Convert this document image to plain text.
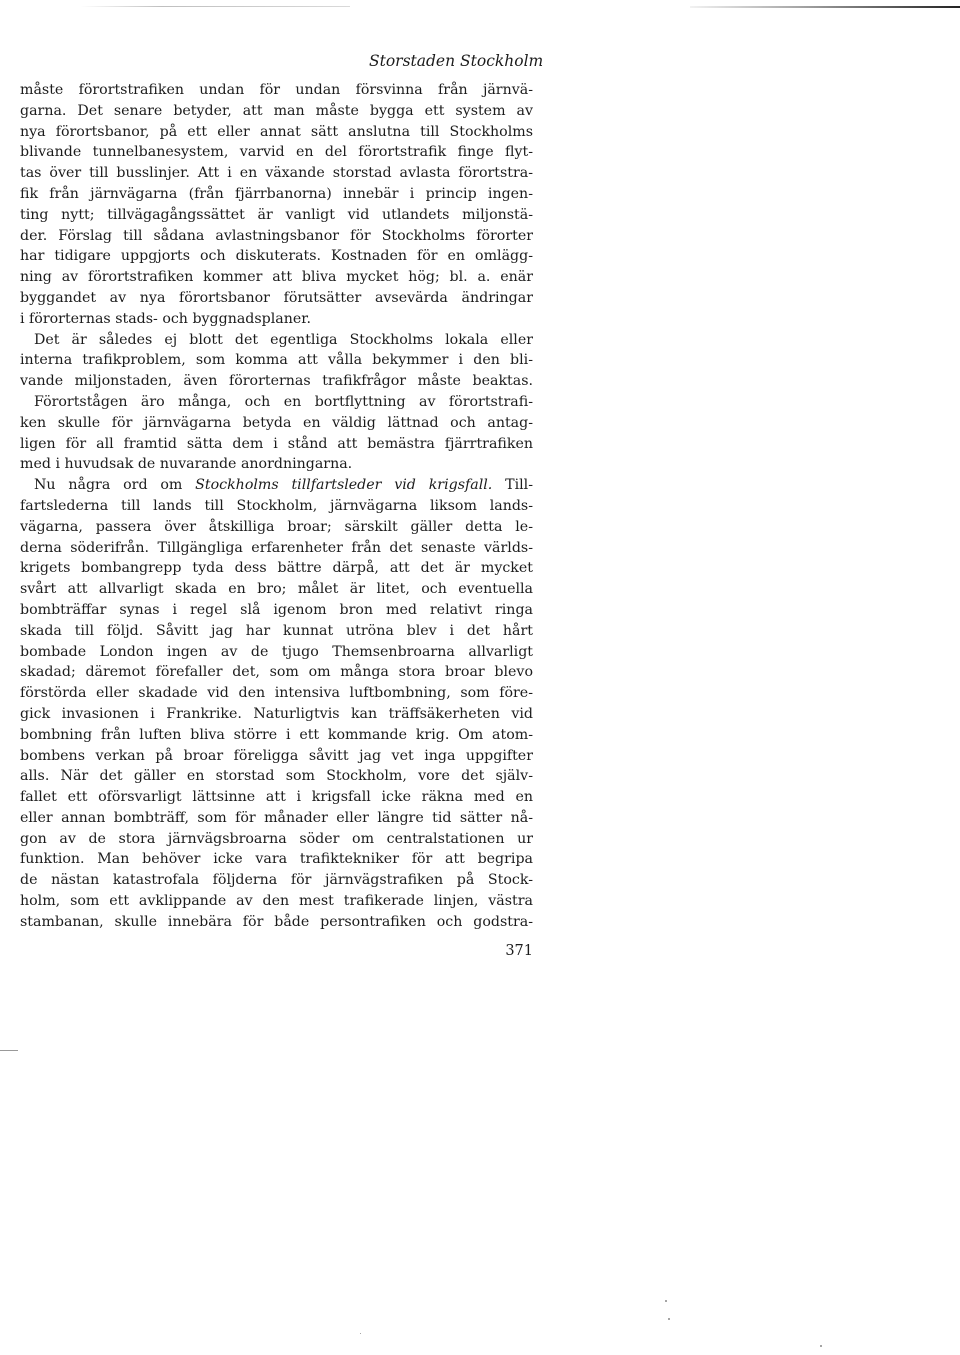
Storstaden Stockholm
måste förortstrafiken undan för undan försvinna från järnvä-
garna. Det senare betyder, att man måste bygga ett system av
nya förortsbanor, på ett eller annat sätt anslutna till Stockholms
blivande tunnelbanesystem, varvid en del förortstrafik finge flyt-
tas över till busslinjer. Att i en växande storstad avlasta förortstra-
fik från järnvägarna (från fjärrbanorna) innebär i princip ingen-
ting nytt; tillvägagångssättet är vanligt vid utlandets miljonstä-
der. Förslag till sådana avlastningsbanor för Stockholms förorter
har tidigare uppgjorts och diskuterats. Kostnaden för en omlägg-
ning av förortstrafiken kommer att bliva mycket hög; bl. a. enär
byggandet av nya förortsbanor förutsätter avsevärda ändringar
i förorternas stads- och byggnadsplaner.
Det är således ej blott det egentliga Stockholms lokala eller
interna trafikproblem, som komma att vålla bekymmer i den bli-
vande miljonstaden, även förorternas trafikfrågor måste beaktas.
Förortstågen äro många, och en bortflyttning av förortstrafi-
ken skulle för järnvägarna betyda en väldig lättnad och antag-
ligen för all framtid sätta dem i stånd att bemästra fjärrtrafiken
med i huvudsak de nuvarande anordningarna.
Nu några ord om Stockholms tillfartsleder vid krigsfall. Till-
fartslederna till lands till Stockholm, järnvägarna liksom lands-
vägarna, passera över åtskilliga broar; särskilt gäller detta le-
derna söderifrån. Tillgängliga erfarenheter från det senaste världs-
krigets bombangrepp tyda dess bättre därpå, att det är mycket
svårt att allvarligt skada en bro; målet är litet, och eventuella
bombträffar synas i regel slå igenom bron med relativt ringa
skada till följd. Såvitt jag har kunnat utröna blev i det hårt
bombade London ingen av de tjugo Themsenbroarna allvarligt
skadad; däremot förefaller det, som om många stora broar blevo
förstörda eller skadade vid den intensiva luftbombning, som före-
gick invasionen i Frankrike. Naturligtvis kan träffsäkerheten vid
bombning från luften bliva större i ett kommande krig. Om atom-
bombens verkan på broar föreligga såvitt jag vet inga uppgifter
alls. När det gäller en storstad som Stockholm, vore det själv-
fallet ett oförsvarligt lättsinne att i krigsfall icke räkna med en
eller annan bombträff, som för månader eller längre tid sätter nå-
gon av de stora järnvägsbroarna söder om centralstationen ur
funktion. Man behöver icke vara trafiktekniker för att begripa
de nästan katastrofala följderna för järnvägstrafiken på Stock-
holm, som ett avklippande av den mest trafikerade linjen, västra
stambanan, skulle innebära för både persontrafiken och godstra-
371
